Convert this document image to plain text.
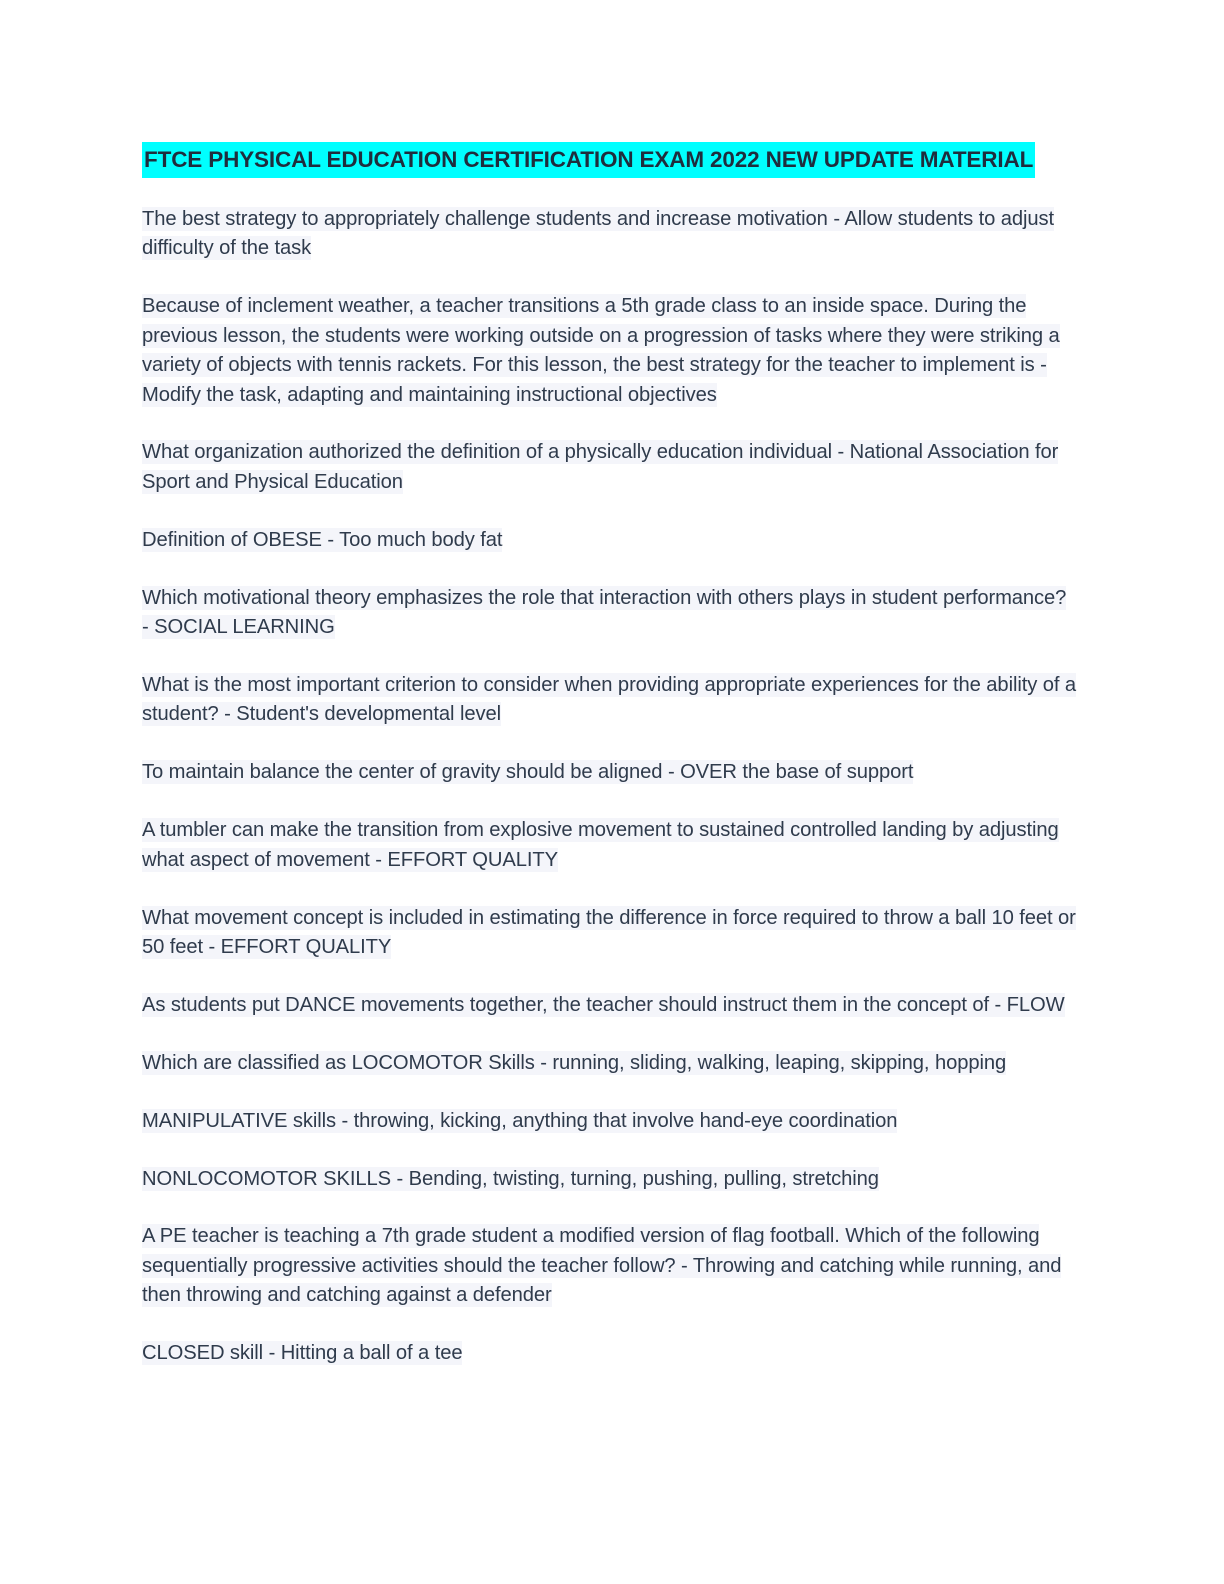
FTCE PHYSICAL EDUCATION CERTIFICATION EXAM 2022 NEW UPDATE MATERIAL

The best strategy to appropriately challenge students and increase motivation - Allow students to adjust difficulty of the task

Because of inclement weather, a teacher transitions a 5th grade class to an inside space. During the previous lesson, the students were working outside on a progression of tasks where they were striking a variety of objects with tennis rackets. For this lesson, the best strategy for the teacher to implement is - Modify the task, adapting and maintaining instructional objectives

What organization authorized the definition of a physically education individual - National Association for Sport and Physical Education

Definition of OBESE - Too much body fat

Which motivational theory emphasizes the role that interaction with others plays in student performance? - SOCIAL LEARNING

What is the most important criterion to consider when providing appropriate experiences for the ability of a student? - Student's developmental level

To maintain balance the center of gravity should be aligned - OVER the base of support

A tumbler can make the transition from explosive movement to sustained controlled landing by adjusting what aspect of movement - EFFORT QUALITY

What movement concept is included in estimating the difference in force required to throw a ball 10 feet or 50 feet - EFFORT QUALITY

As students put DANCE movements together, the teacher should instruct them in the concept of - FLOW

Which are classified as LOCOMOTOR Skills - running, sliding, walking, leaping, skipping, hopping

MANIPULATIVE skills - throwing, kicking, anything that involve hand-eye coordination

NONLOCOMOTOR SKILLS - Bending, twisting, turning, pushing, pulling, stretching

A PE teacher is teaching a 7th grade student a modified version of flag football. Which of the following sequentially progressive activities should the teacher follow? - Throwing and catching while running, and then throwing and catching against a defender

CLOSED skill - Hitting a ball of a tee
